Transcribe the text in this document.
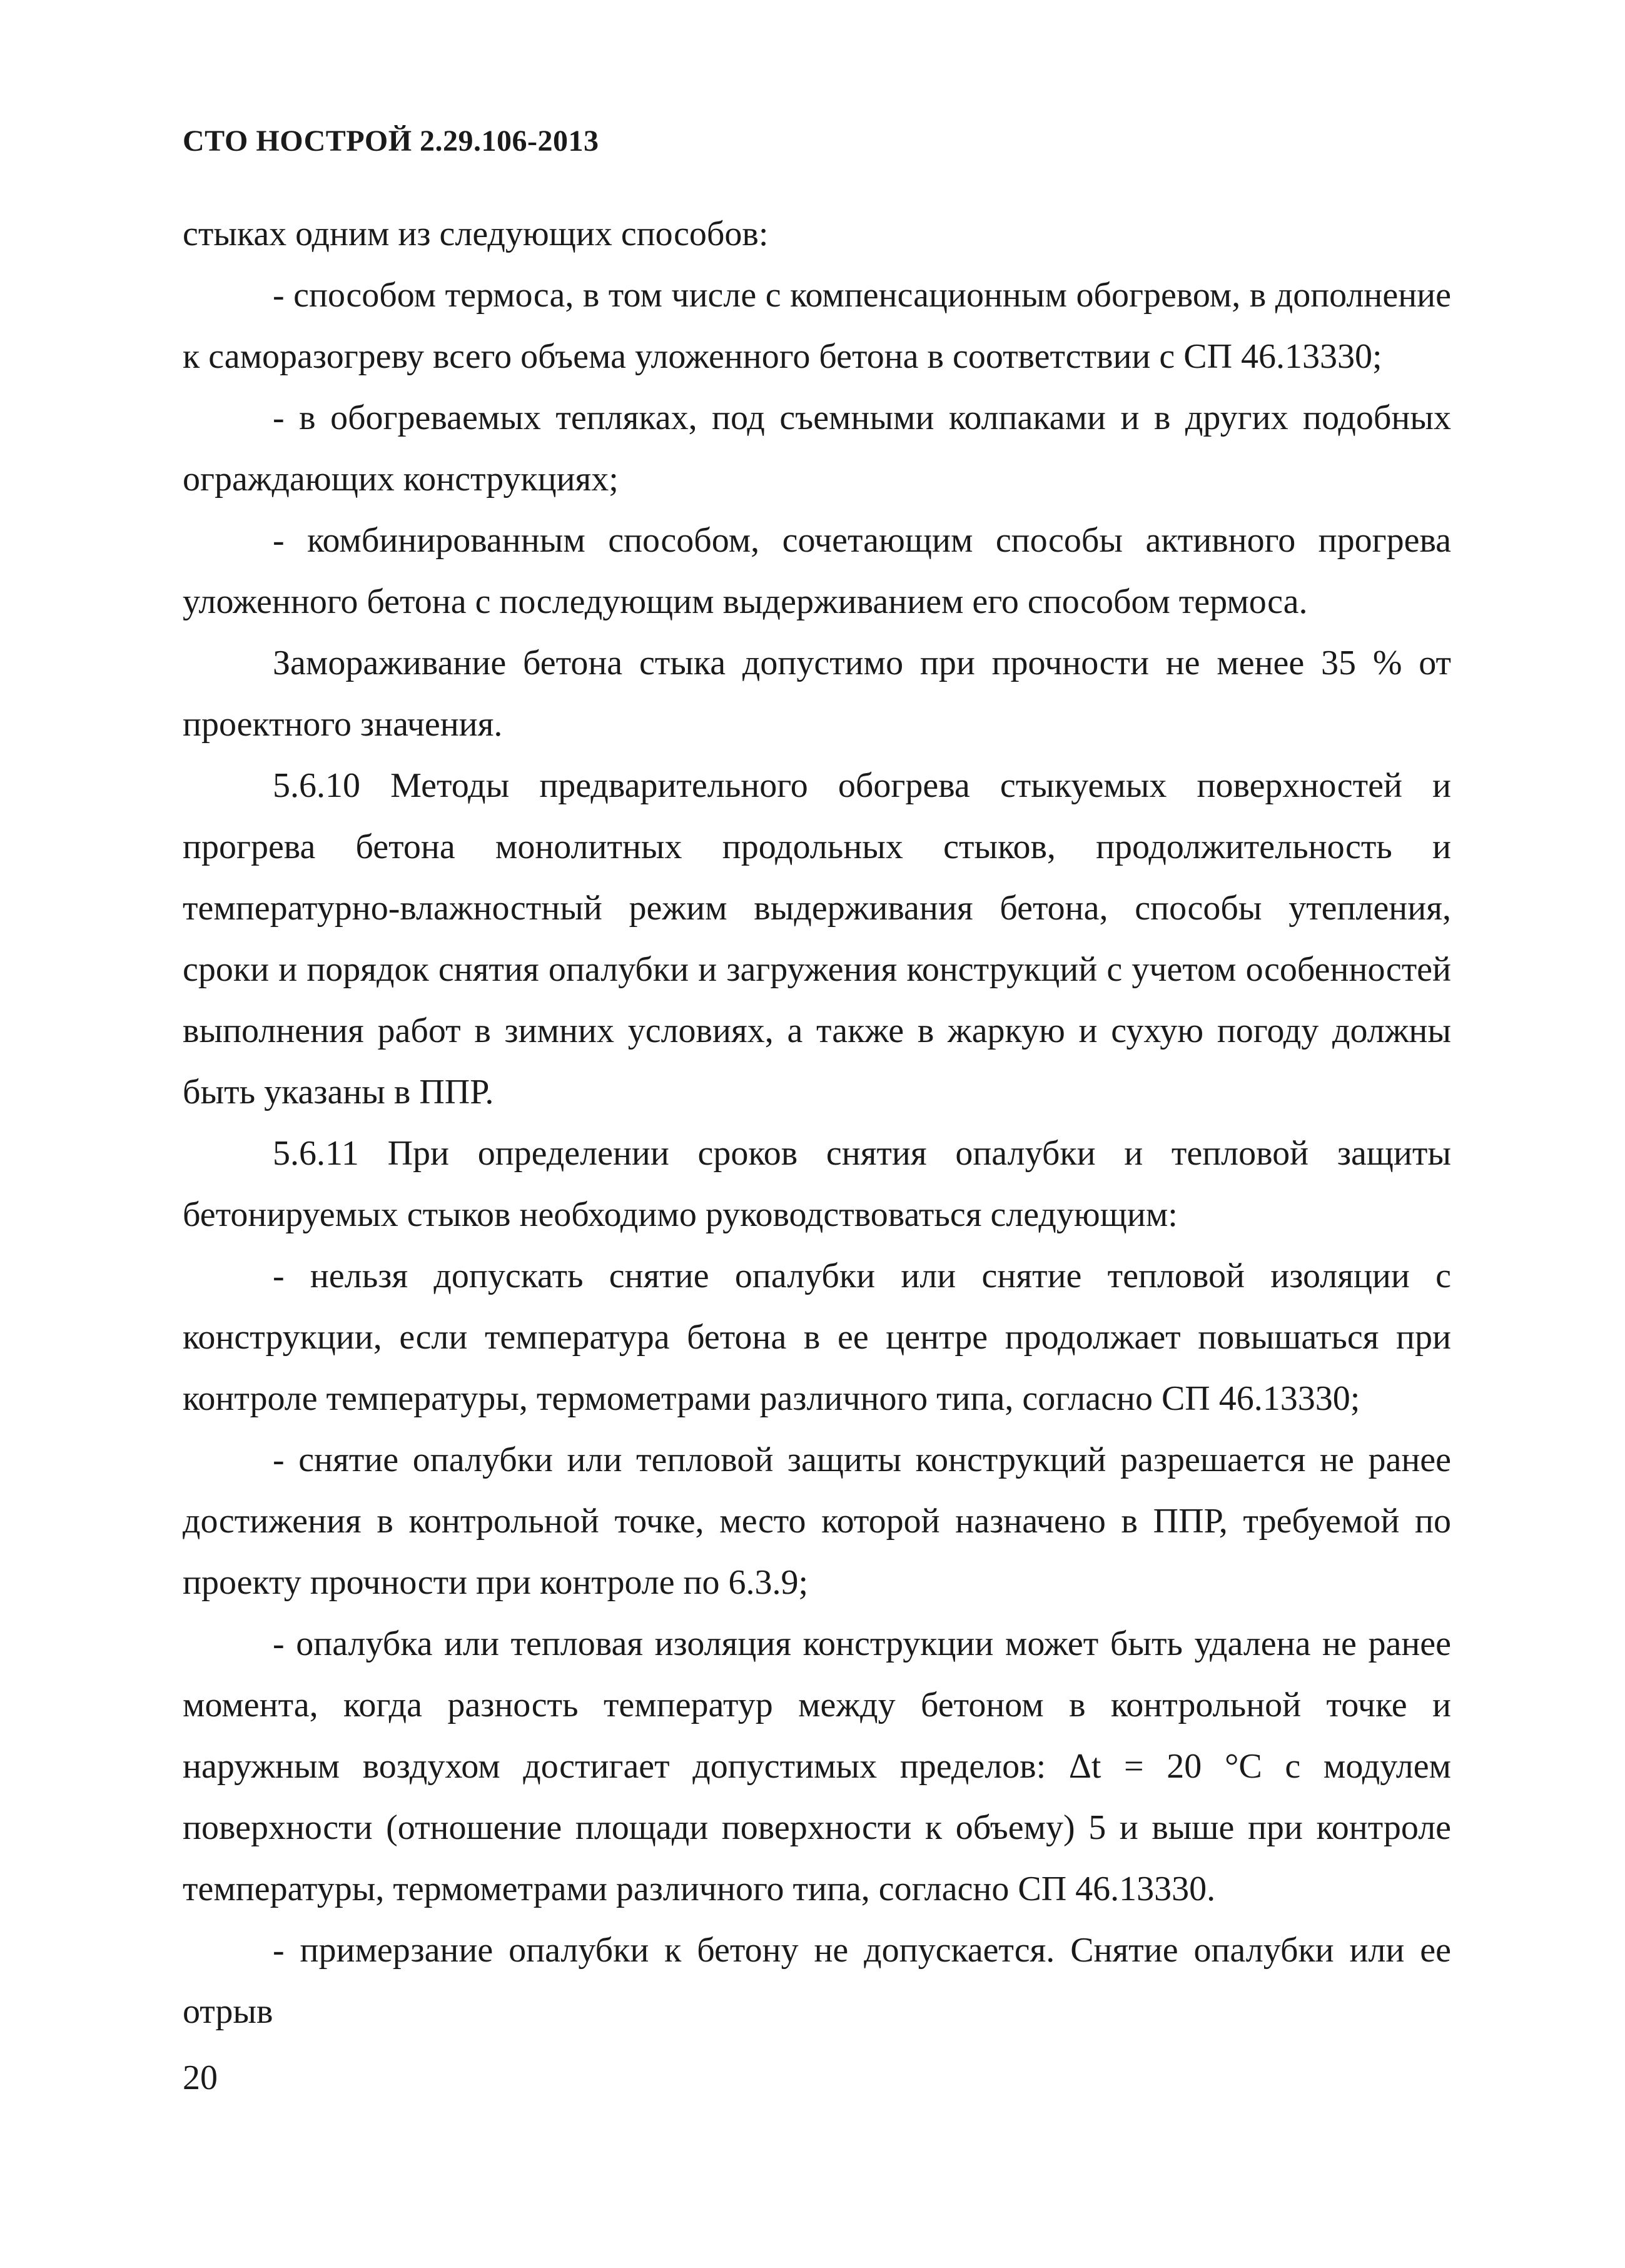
СТО НОСТРОЙ 2.29.106-2013

стыках одним из следующих способов:

- способом термоса, в том числе с компенсационным обогревом, в дополнение к саморазогреву всего объема уложенного бетона в соответствии с СП 46.13330;

- в обогреваемых тепляках, под съемными колпаками и в других подобных ограждающих конструкциях;

- комбинированным способом, сочетающим способы активного прогрева уложенного бетона с последующим выдерживанием его способом термоса.

Замораживание бетона стыка допустимо при прочности не менее 35 % от проектного значения.

5.6.10 Методы предварительного обогрева стыкуемых поверхностей и прогрева бетона монолитных продольных стыков, продолжительность и температурно-влажностный режим выдерживания бетона, способы утепления, сроки и порядок снятия опалубки и загружения конструкций с учетом особенностей выполнения работ в зимних условиях, а также в жаркую и сухую погоду должны быть указаны в ППР.

5.6.11 При определении сроков снятия опалубки и тепловой защиты бетонируемых стыков необходимо руководствоваться следующим:

- нельзя допускать снятие опалубки или снятие тепловой изоляции с конструкции, если температура бетона в ее центре продолжает повышаться при контроле температуры, термометрами различного типа, согласно СП 46.13330;

- снятие опалубки или тепловой защиты конструкций разрешается не ранее достижения в контрольной точке, место которой назначено в ППР, требуемой по проекту прочности при контроле по 6.3.9;

- опалубка или тепловая изоляция конструкции может быть удалена не ранее момента, когда разность температур между бетоном в контрольной точке и наружным воздухом достигает допустимых пределов: Δt = 20 °С с модулем поверхности (отношение площади поверхности к объему) 5 и выше при контроле температуры, термометрами различного типа, согласно СП 46.13330.

- примерзание опалубки к бетону не допускается. Снятие опалубки или ее отрыв

20
